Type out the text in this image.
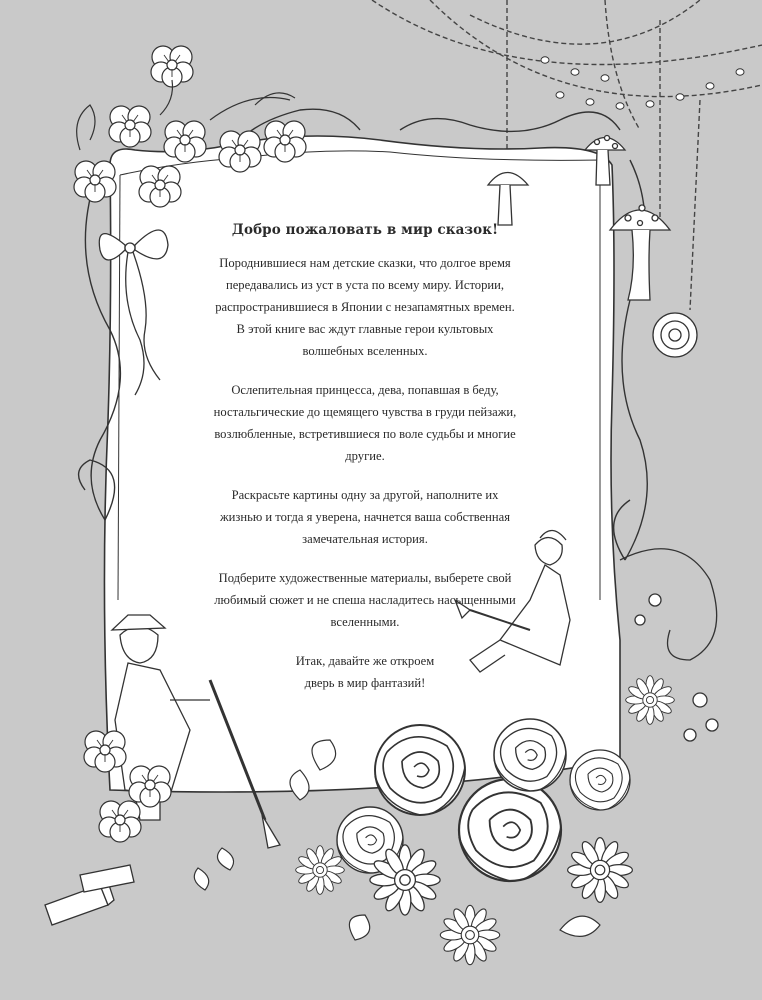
Добро пожаловать в мир сказок!

Породнившиеся нам детские сказки, что долгое время
передавались из уст в уста по всему миру. Истории,
распространившиеся в Японии с незапамятных времен.
В этой книге вас ждут главные герои культовых
волшебных вселенных.

Ослепительная принцесса, дева, попавшая в беду,
ностальгические до щемящего чувства в груди пейзажи,
возлюбленные, встретившиеся по воле судьбы и многие
другие.

Раскрасьте картины одну за другой, наполните их
жизнью и тогда я уверена, начнется ваша собственная
замечательная история.

Подберите художественные материалы, выберете свой
любимый сюжет и не спеша насладитесь насыщенными
вселенными.

Итак, давайте же откроем
дверь в мир фантазий!
